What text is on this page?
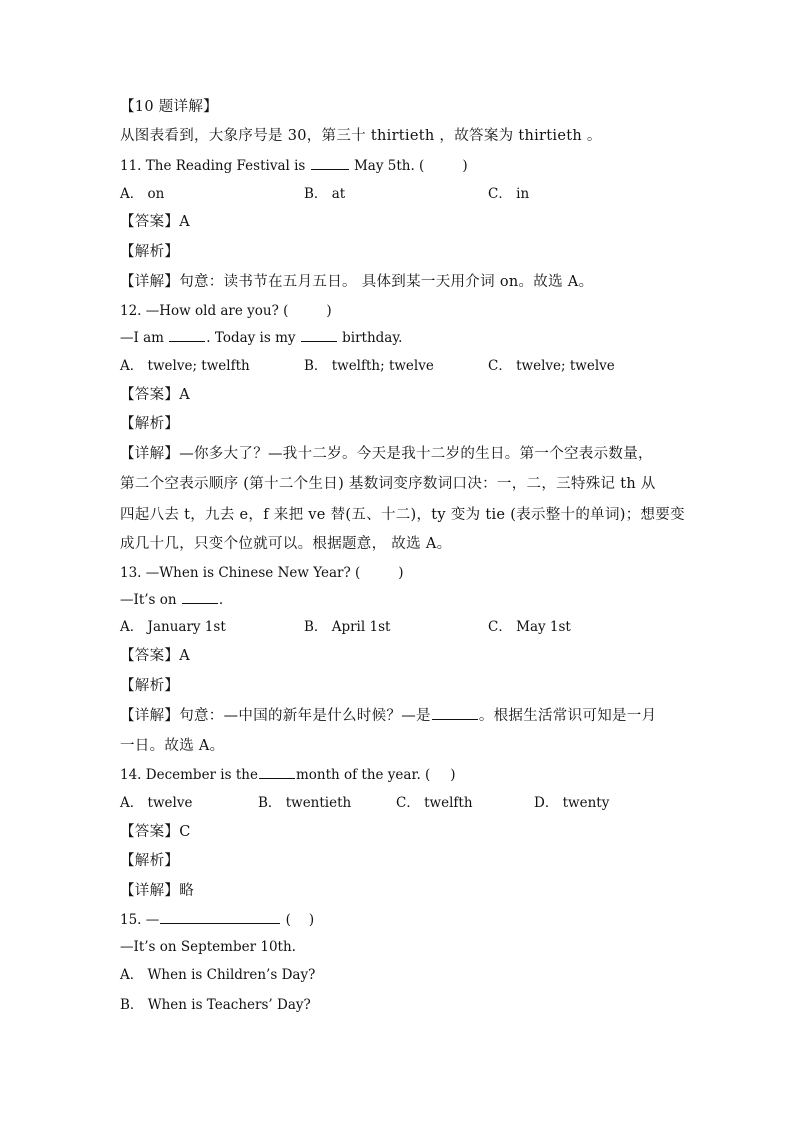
【10 题详解】
从图表看到，大象序号是 30，第三十 thirtieth ，故答案为 thirtieth 。
11. The Reading Festival is	May 5th. (	)
A． on	B． at	C． in
【答案】A
【解析】
【详解】句意：读书节在五月五日。 具体到某一天用介词 on。故选 A。
12. —How old are you? (	)
—I am	. Today is my	birthday.
A． twelve; twelfth	B． twelfth; twelve	C． twelve; twelve
【答案】A
【解析】
【详解】—你多大了？—我十二岁。今天是我十二岁的生日。第一个空表示数量，
第二个空表示顺序 (第十二个生日) 基数词变序数词口决：一，二，三特殊记 th 从
四起八去 t，九去 e，f 来把 ve 替(五、十二)，ty 变为 tie (表示整十的单词)；想要变
成几十几，只变个位就可以。根据题意， 故选 A。
13. —When is Chinese New Year? (	)
—It’s on	.
A． January 1st	B． April 1st	C． May 1st
【答案】A
【解析】
【详解】句意：—中国的新年是什么时候？—是	。根据生活常识可知是一月
一日。故选 A。
14. December is the	month of the year. ( )
A． twelve	B． twentieth	C． twelfth	D． twenty
【答案】C
【解析】
【详解】略
15. —	( )
—It’s on September 10th.
A． When is Children’s Day?
B． When is Teachers’ Day?
